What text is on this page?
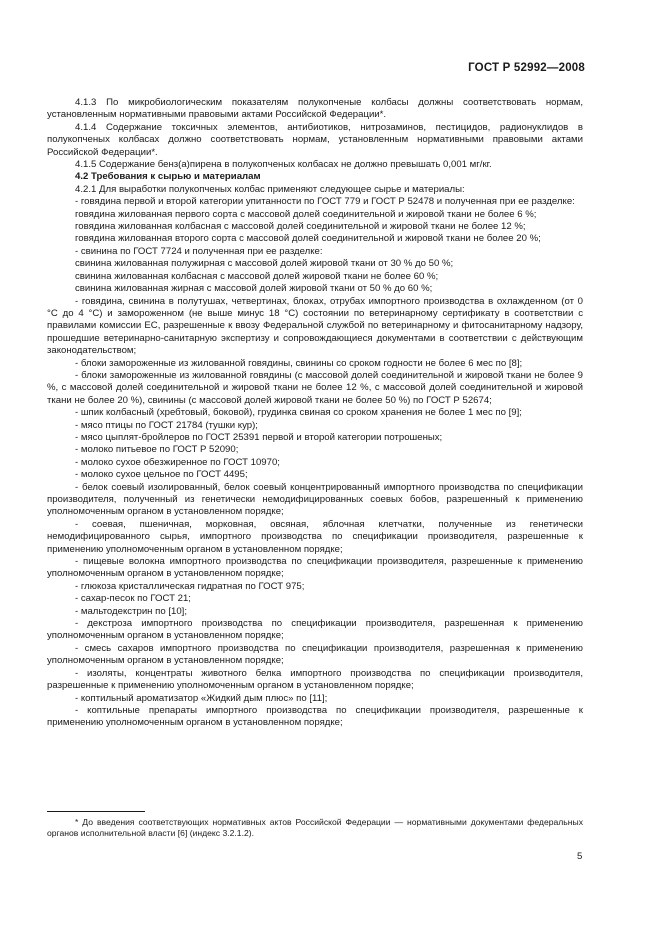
ГОСТ Р 52992—2008

4.1.3 По микробиологическим показателям полукопченые колбасы должны соответствовать нормам, установленным нормативными правовыми актами Российской Федерации*.

4.1.4 Содержание токсичных элементов, антибиотиков, нитрозаминов, пестицидов, радионуклидов в полукопченых колбасах должно соответствовать нормам, установленным нормативными правовыми актами Российской Федерации*.

4.1.5 Содержание бенз(а)пирена в полукопченых колбасах не должно превышать 0,001 мг/кг.

4.2 Требования к сырью и материалам

4.2.1 Для выработки полукопченых колбас применяют следующее сырье и материалы:

- говядина первой и второй категории упитанности по ГОСТ 779 и ГОСТ Р 52478 и полученная при ее разделке:

говядина жилованная первого сорта с массовой долей соединительной и жировой ткани не более 6 %;

говядина жилованная колбасная с массовой долей соединительной и жировой ткани не более 12 %;

говядина жилованная второго сорта с массовой долей соединительной и жировой ткани не более 20 %;

- свинина по ГОСТ 7724 и полученная при ее разделке:

свинина жилованная полужирная с массовой долей жировой ткани от 30 % до 50 %;

свинина жилованная колбасная с массовой долей жировой ткани не более 60 %;

свинина жилованная жирная с массовой долей жировой ткани от 50 % до 60 %;

- говядина, свинина в полутушах, четвертинах, блоках, отрубах импортного производства в охлажденном (от 0 °С до 4 °С) и замороженном (не выше минус 18 °С) состоянии по ветеринарному сертификату в соответствии с правилами комиссии ЕС, разрешенные к ввозу Федеральной службой по ветеринарному и фитосанитарному надзору, прошедшие ветеринарно-санитарную экспертизу и сопровождающиеся документами в соответствии с действующим законодательством;

- блоки замороженные из жилованной говядины, свинины со сроком годности не более 6 мес по [8];

- блоки замороженные из жилованной говядины (с массовой долей соединительной и жировой ткани не более 9 %, с массовой долей соединительной и жировой ткани не более 12 %, с массовой долей соединительной и жировой ткани не более 20 %), свинины (с массовой долей жировой ткани не более 50 %) по ГОСТ Р 52674;

- шпик колбасный (хребтовый, боковой), грудинка свиная со сроком хранения не более 1 мес по [9];

- мясо птицы по ГОСТ 21784 (тушки кур);

- мясо цыплят-бройлеров по ГОСТ 25391 первой и второй категории потрошеных;

- молоко питьевое по ГОСТ Р 52090;

- молоко сухое обезжиренное по ГОСТ 10970;

- молоко сухое цельное по ГОСТ 4495;

- белок соевый изолированный, белок соевый концентрированный импортного производства по спецификации производителя, полученный из генетически немодифицированных соевых бобов, разрешенный к применению уполномоченным органом в установленном порядке;

- соевая, пшеничная, морковная, овсяная, яблочная клетчатки, полученные из генетически немодифицированного сырья, импортного производства по спецификации производителя, разрешенные к применению уполномоченным органом в установленном порядке;

- пищевые волокна импортного производства по спецификации производителя, разрешенные к применению уполномоченным органом в установленном порядке;

- глюкоза кристаллическая гидратная по ГОСТ 975;

- сахар-песок по ГОСТ 21;

- мальтодекстрин по [10];

- декстроза импортного производства по спецификации производителя, разрешенная к применению уполномоченным органом в установленном порядке;

- смесь сахаров импортного производства по спецификации производителя, разрешенная к применению уполномоченным органом в установленном порядке;

- изоляты, концентраты животного белка импортного производства по спецификации производителя, разрешенные к применению уполномоченным органом в установленном порядке;

- коптильный ароматизатор «Жидкий дым плюс» по [11];

- коптильные препараты импортного производства по спецификации производителя, разрешенные к применению уполномоченным органом в установленном порядке;

* До введения соответствующих нормативных актов Российской Федерации — нормативными документами федеральных органов исполнительной власти [6] (индекс 3.2.1.2).
5
